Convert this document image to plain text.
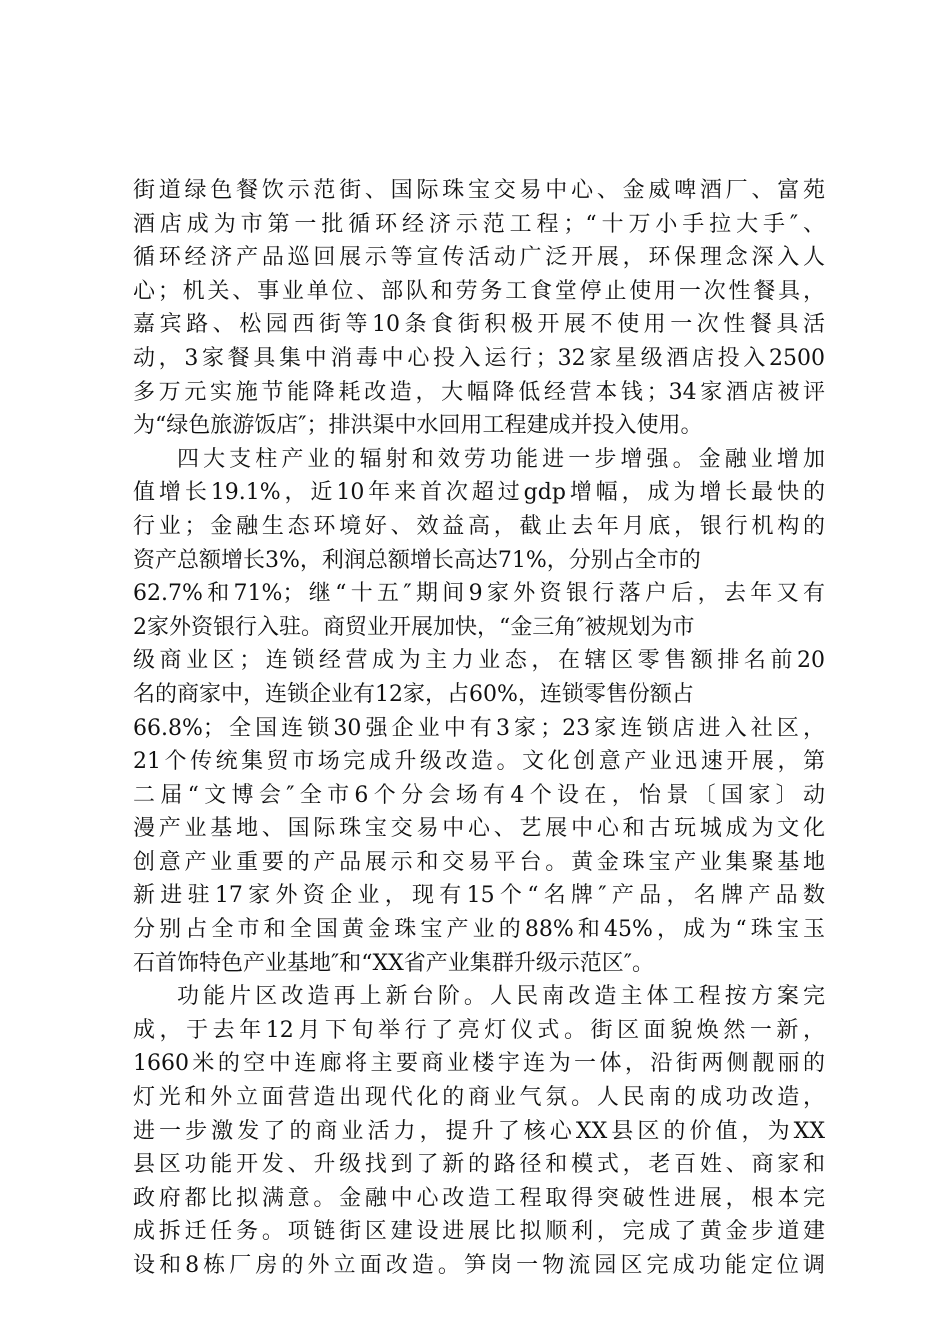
街道绿色餐饮示范街、国际珠宝交易中心、金威啤酒厂、富苑
酒店成为市第一批循环经济示范工程；“十万小手拉大手″、
循环经济产品巡回展示等宣传活动广泛开展，环保理念深入人
心；机关、事业单位、部队和劳务工食堂停止使用一次性餐具，
嘉宾路、松园西街等10条食街积极开展不使用一次性餐具活
动，3家餐具集中消毒中心投入运行；32家星级酒店投入2500
多万元实施节能降耗改造，大幅降低经营本钱；34家酒店被评
为“绿色旅游饭店″；排洪渠中水回用工程建成并投入使用。
四大支柱产业的辐射和效劳功能进一步增强。金融业增加
值增长19.1%，近10年来首次超过gdp增幅，成为增长最快的
行业；金融生态环境好、效益高，截止去年月底，银行机构的
资产总额增长3%，利润总额增长高达71%，分别占全市的
62.7%和71%；继“十五″期间9家外资银行落户后，去年又有
2家外资银行入驻。商贸业开展加快，“金三角″被规划为市
级商业区；连锁经营成为主力业态，在辖区零售额排名前20
名的商家中，连锁企业有12家，占60%，连锁零售份额占
66.8%；全国连锁30强企业中有3家；23家连锁店进入社区，
21个传统集贸市场完成升级改造。文化创意产业迅速开展，第
二届“文博会″全市6个分会场有4个设在，怡景〔国家〕动
漫产业基地、国际珠宝交易中心、艺展中心和古玩城成为文化
创意产业重要的产品展示和交易平台。黄金珠宝产业集聚基地
新进驻17家外资企业，现有15个“名牌″产品，名牌产品数
分别占全市和全国黄金珠宝产业的88%和45%，成为“珠宝玉
石首饰特色产业基地″和“XX省产业集群升级示范区″。
功能片区改造再上新台阶。人民南改造主体工程按方案完
成，于去年12月下旬举行了亮灯仪式。街区面貌焕然一新，
1660米的空中连廊将主要商业楼宇连为一体，沿街两侧靓丽的
灯光和外立面营造出现代化的商业气氛。人民南的成功改造，
进一步激发了的商业活力，提升了核心XX县区的价值，为XX
县区功能开发、升级找到了新的路径和模式，老百姓、商家和
政府都比拟满意。金融中心改造工程取得突破性进展，根本完
成拆迁任务。项链街区建设进展比拟顺利，完成了黄金步道建
设和8栋厂房的外立面改造。笋岗一物流园区完成功能定位调
